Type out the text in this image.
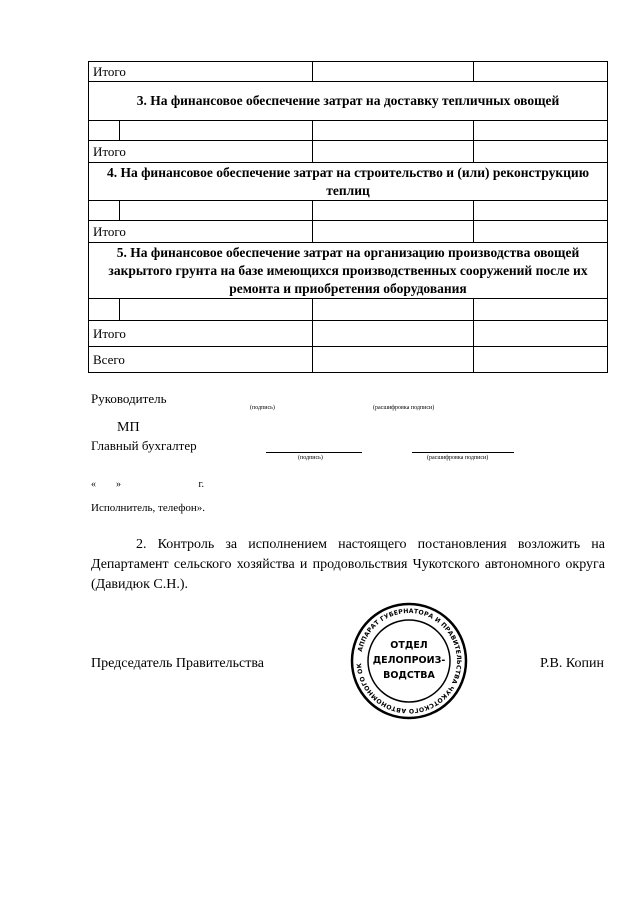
Итого			
3. На финансовое обеспечение затрат на доставку тепличных овощей			

Итого			
4. На финансовое обеспечение затрат на строительство и (или) реконструкцию теплиц			

Итого			
5. На финансовое обеспечение затрат на организацию производства овощей закрытого грунта на базе имеющихся производственных сооружений после их ремонта и приобретения оборудования			

Итого			
Всего			
Руководитель
(подпись)	(расшифровка подписи)
МП
Главный бухгалтер
(подпись)	(расшифровка подписи)
«        »                               г.
Исполнитель, телефон».
2. Контроль за исполнением настоящего постановления возложить на Департамент сельского хозяйства и продовольствия Чукотского автономного округа (Давидюк С.Н.).
Председатель Правительства	Р.В. Копин
АППАРАТ ГУБЕРНАТОРА И ПРАВИТЕЛЬСТВА ЧУКОТСКОГО АВТОНОМНОГО ОК
ОТДЕЛ
ДЕЛОПРОИЗ-
ВОДСТВА
